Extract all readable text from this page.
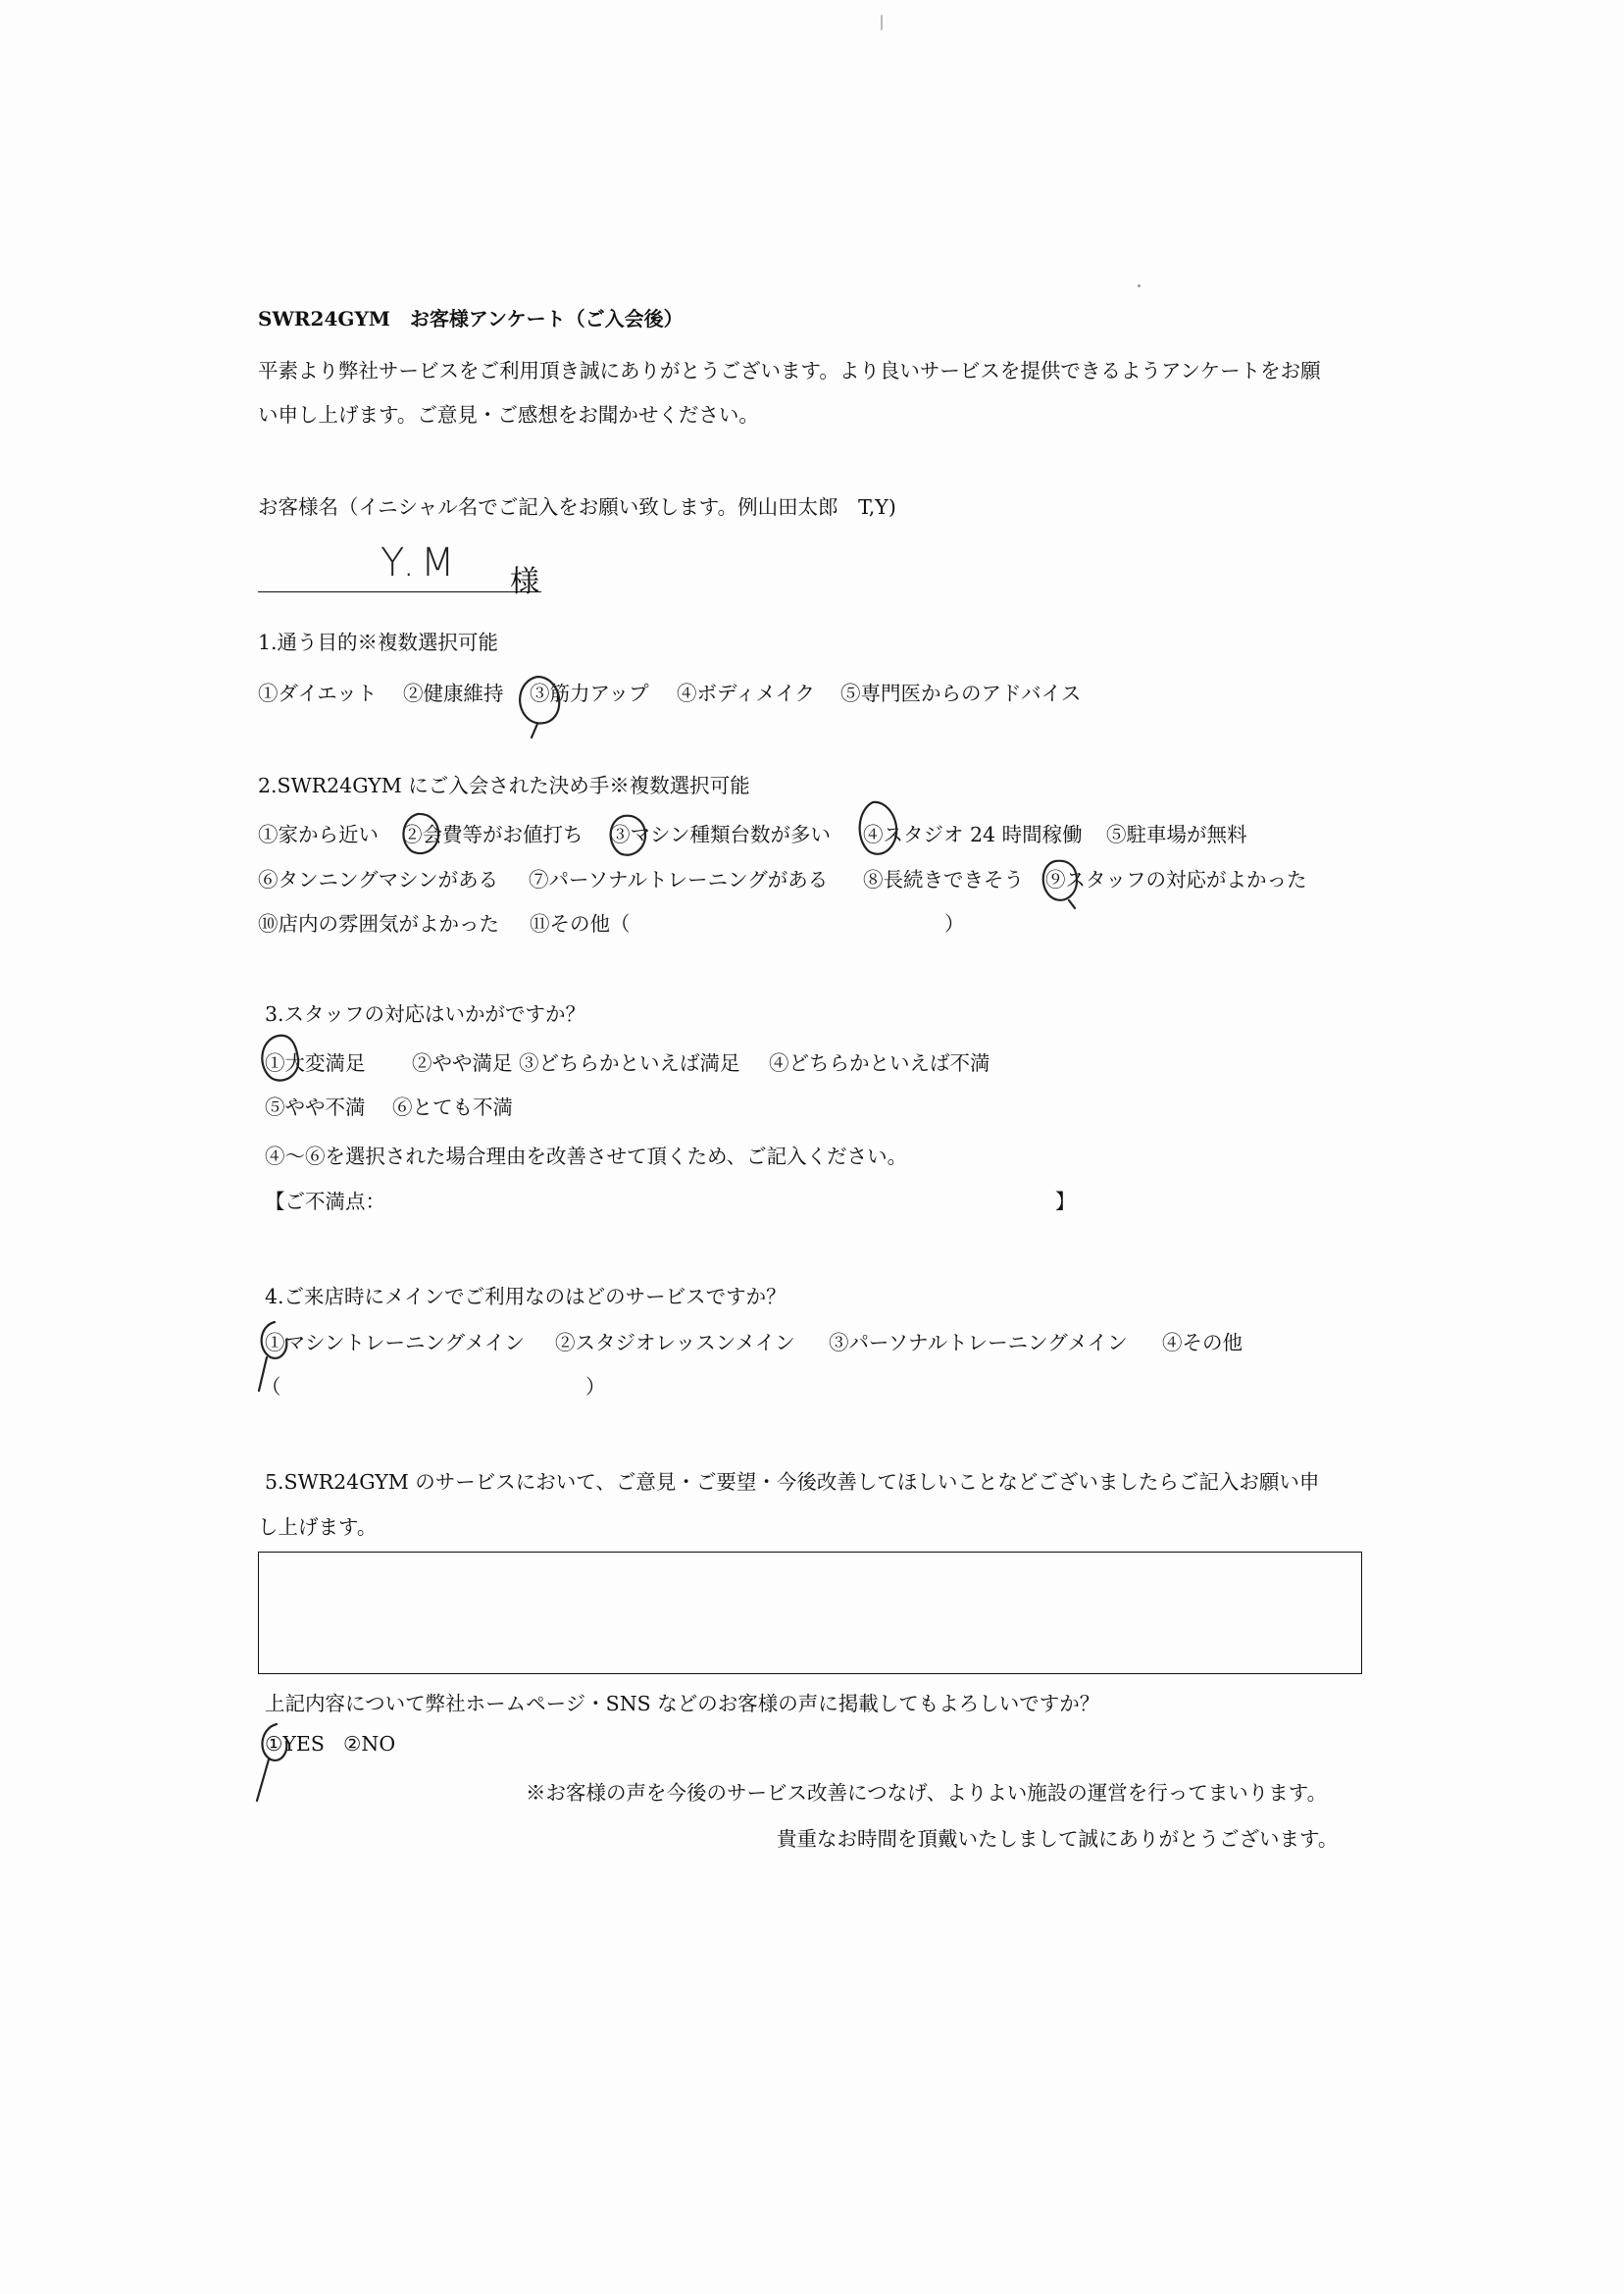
SWR24GYM　お客様アンケート（ご入会後）
平素より弊社サービスをご利用頂き誠にありがとうございます。より良いサービスを提供できるようアンケートをお願
い申し上げます。ご意見・ご感想をお聞かせください。
お客様名（イニシャル名でご記入をお願い致します。例山田太郎　T,Y)
Y.M 様
1.通う目的※複数選択可能
①ダイエット ②健康維持 ③筋力アップ ④ボディメイク ⑤専門医からのアドバイス
2.SWR24GYM にご入会された決め手※複数選択可能
①家から近い ②会費等がお値打ち ③マシン種類台数が多い ④スタジオ 24 時間稼働 ⑤駐車場が無料
⑥タンニングマシンがある ⑦パーソナルトレーニングがある ⑧長続きできそう ⑨スタッフの対応がよかった
⑩店内の雰囲気がよかった ⑪その他（	）
3.スタッフの対応はいかがですか？
①大変満足 ②やや満足 ③どちらかといえば満足 ④どちらかといえば不満
⑤やや不満 ⑥とても不満
④～⑥を選択された場合理由を改善させて頂くため、ご記入ください。
【ご不満点：	】
4.ご来店時にメインでご利用なのはどのサービスですか？
①マシントレーニングメイン ②スタジオレッスンメイン ③パーソナルトレーニングメイン ④その他
（	）
5.SWR24GYM のサービスにおいて、ご意見・ご要望・今後改善してほしいことなどございましたらご記入お願い申
し上げます。
上記内容について弊社ホームページ・SNS などのお客様の声に掲載してもよろしいですか？
①YES ②NO
※お客様の声を今後のサービス改善につなげ、よりよい施設の運営を行ってまいります。
貴重なお時間を頂戴いたしまして誠にありがとうございます。
